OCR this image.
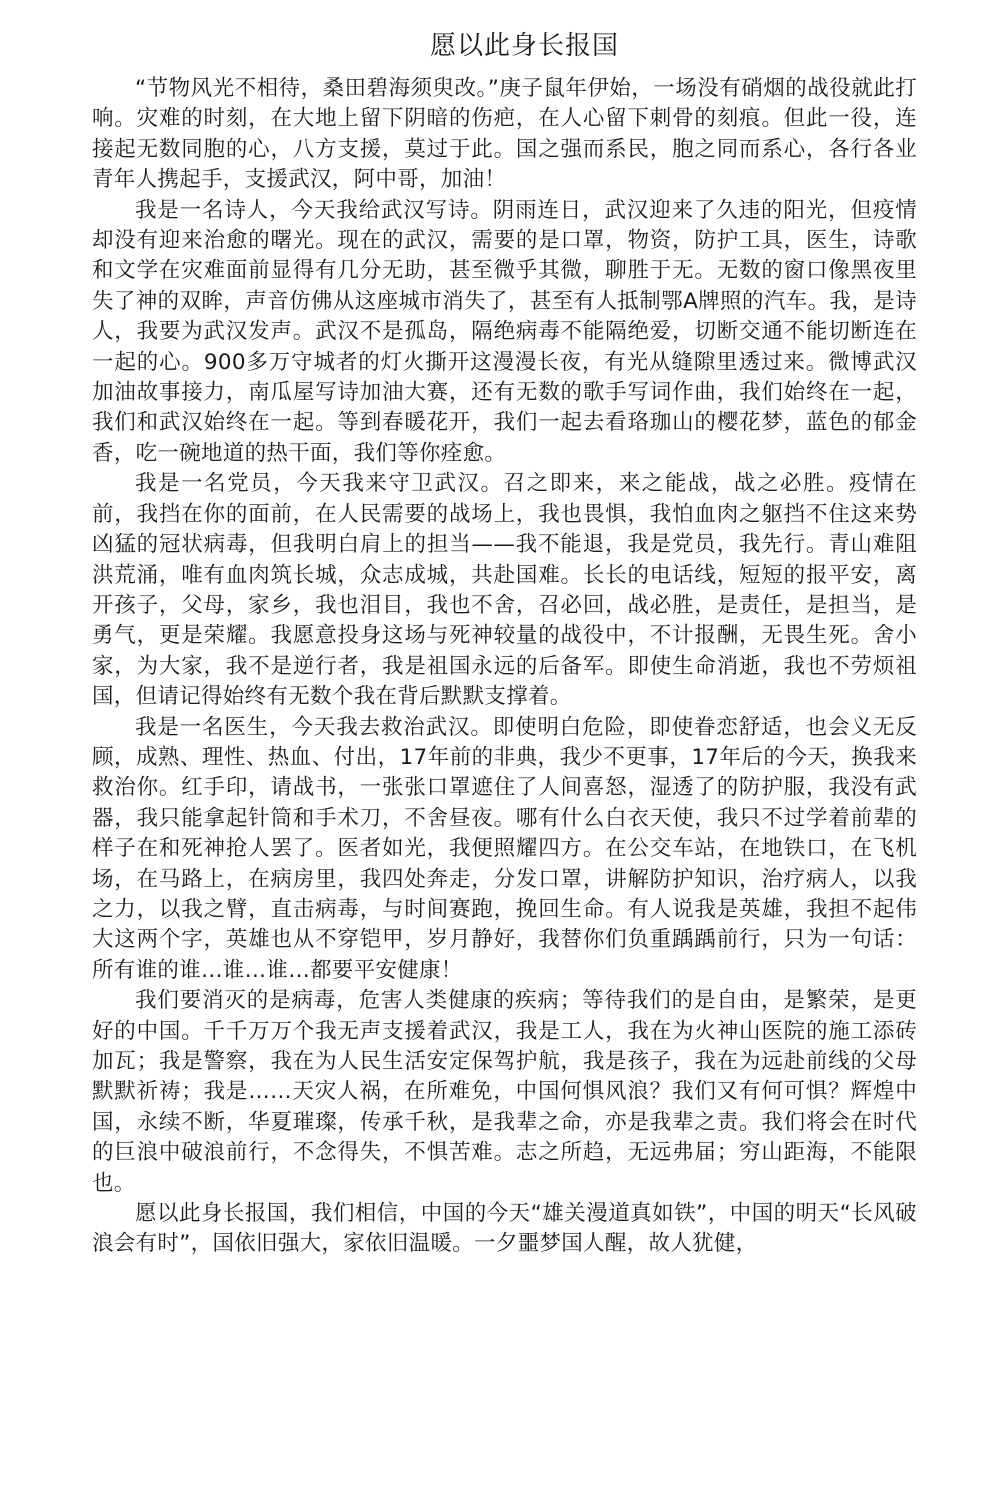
愿以此身长报国

“节物风光不相待，桑田碧海须臾改。”庚子鼠年伊始，一场没有硝烟的战役就此打响。灾难的时刻，在大地上留下阴暗的伤疤，在人心留下刺骨的刻痕。但此一役，连接起无数同胞的心，八方支援，莫过于此。国之强而系民，胞之同而系心，各行各业青年人携起手，支援武汉，阿中哥，加油！

我是一名诗人，今天我给武汉写诗。阴雨连日，武汉迎来了久违的阳光，但疫情却没有迎来治愈的曙光。现在的武汉，需要的是口罩，物资，防护工具，医生，诗歌和文学在灾难面前显得有几分无助，甚至微乎其微，聊胜于无。无数的窗口像黑夜里失了神的双眸，声音仿佛从这座城市消失了，甚至有人抵制鄂A牌照的汽车。我，是诗人，我要为武汉发声。武汉不是孤岛，隔绝病毒不能隔绝爱，切断交通不能切断连在一起的心。900多万守城者的灯火撕开这漫漫长夜，有光从缝隙里透过来。微博武汉加油故事接力，南瓜屋写诗加油大赛，还有无数的歌手写词作曲，我们始终在一起，我们和武汉始终在一起。等到春暖花开，我们一起去看珞珈山的樱花梦，蓝色的郁金香，吃一碗地道的热干面，我们等你痊愈。

我是一名党员，今天我来守卫武汉。召之即来，来之能战，战之必胜。疫情在前，我挡在你的面前，在人民需要的战场上，我也畏惧，我怕血肉之躯挡不住这来势凶猛的冠状病毒，但我明白肩上的担当——我不能退，我是党员，我先行。青山难阻洪荒涌，唯有血肉筑长城，众志成城，共赴国难。长长的电话线，短短的报平安，离开孩子，父母，家乡，我也泪目，我也不舍，召必回，战必胜，是责任，是担当，是勇气，更是荣耀。我愿意投身这场与死神较量的战役中，不计报酬，无畏生死。舍小家，为大家，我不是逆行者，我是祖国永远的后备军。即使生命消逝，我也不劳烦祖国，但请记得始终有无数个我在背后默默支撑着。

我是一名医生，今天我去救治武汉。即使明白危险，即使眷恋舒适，也会义无反顾，成熟、理性、热血、付出，17年前的非典，我少不更事，17年后的今天，换我来救治你。红手印，请战书，一张张口罩遮住了人间喜怒，湿透了的防护服，我没有武器，我只能拿起针筒和手术刀，不舍昼夜。哪有什么白衣天使，我只不过学着前辈的样子在和死神抢人罢了。医者如光，我便照耀四方。在公交车站，在地铁口，在飞机场，在马路上，在病房里，我四处奔走，分发口罩，讲解防护知识，治疗病人，以我之力，以我之臂，直击病毒，与时间赛跑，挽回生命。有人说我是英雄，我担不起伟大这两个字，英雄也从不穿铠甲，岁月静好，我替你们负重踽踽前行，只为一句话：所有谁的谁…谁…谁…都要平安健康！

我们要消灭的是病毒，危害人类健康的疾病；等待我们的是自由，是繁荣，是更好的中国。千千万万个我无声支援着武汉，我是工人，我在为火神山医院的施工添砖加瓦；我是警察，我在为人民生活安定保驾护航，我是孩子，我在为远赴前线的父母默默祈祷；我是……天灾人祸，在所难免，中国何惧风浪？我们又有何可惧？辉煌中国，永续不断，华夏璀璨，传承千秋，是我辈之命，亦是我辈之责。我们将会在时代的巨浪中破浪前行，不念得失，不惧苦难。志之所趋，无远弗届；穷山距海，不能限也。

愿以此身长报国，我们相信，中国的今天“雄关漫道真如铁”，中国的明天“长风破浪会有时”，国依旧强大，家依旧温暖。一夕噩梦国人醒，故人犹健，
